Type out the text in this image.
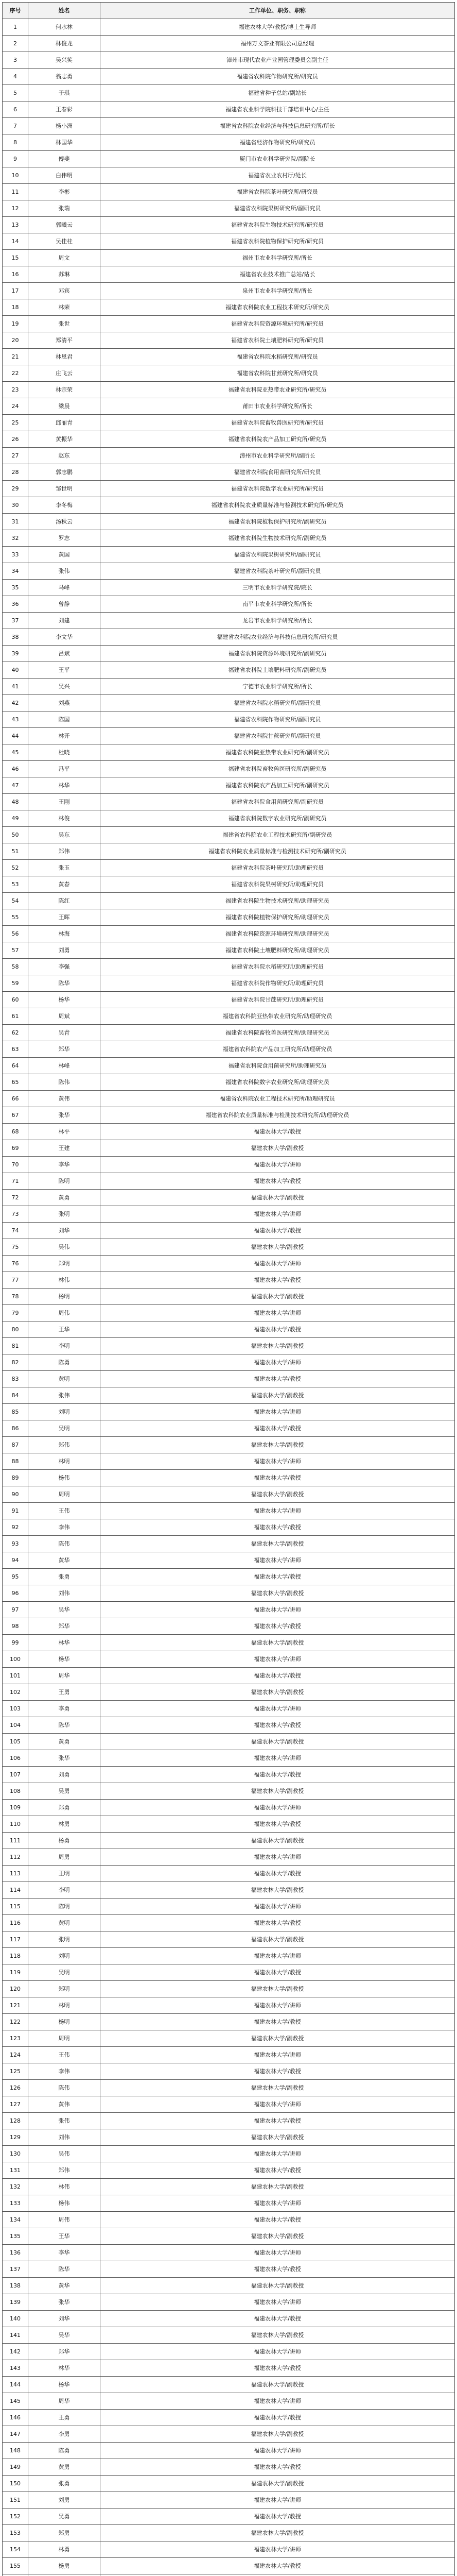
序号	姓名	工作单位、职务、职称
1	何水林	福建农林大学/教授/博士生导师
2	林俊龙	福州万文茶业有限公司总经理
3	吴兴笑	漳州市现代农业产业园管理委员会副主任
4	翁志勇	福建省农科院作物研究所/研究员
5	于琪	福建省种子总站/副站长
6	王春彩	福建省农业科学院科技干部培训中心/主任
7	杨小洲	福建省农科院农业经济与科技信息研究所/所长
8	林国华	福建省经济作物研究所/研究员
9	傅斐	厦门市农业科学研究院/副院长
10	白伟明	福建省农业农村厅/处长
11	李彬	福建省农科院茶叶研究所/研究员
12	张瑞	福建省农科院果树研究所/副研究员
13	郭曦云	福建省农科院生物技术研究所/研究员
14	吴佳桂	福建省农科院植物保护研究所/研究员
15	周文	福州市农业科学研究所/所长
16	苏琳	福建省农业技术推广总站/站长
17	邓宾	泉州市农业科学研究所/所长
18	林荣	福建省农科院农业工程技术研究所/研究员
19	张世	福建省农科院资源环境研究所/研究员
20	郑清平	福建省农科院土壤肥料研究所/研究员
21	林恩君	福建省农科院水稻研究所/研究员
22	庄飞云	福建省农科院甘蔗研究所/研究员
23	林宗荣	福建省农科院亚热带农业研究所/研究员
24	梁晨	莆田市农业科学研究所/所长
25	邱丽青	福建省农科院畜牧兽医研究所/研究员
26	黄振华	福建省农科院农产品加工研究所/研究员
27	赵东	漳州市农业科学研究所/副所长
28	郭志鹏	福建省农科院食用菌研究所/研究员
29	邹世明	福建省农科院数字农业研究所/研究员
30	李冬梅	福建省农科院农业质量标准与检测技术研究所/研究员
31	汤秋云	福建省农科院植物保护研究所/副研究员
32	罗志	福建省农科院生物技术研究所/副研究员
33	黄国	福建省农科院果树研究所/副研究员
34	张伟	福建省农科院茶叶研究所/副研究员
35	马峰	三明市农业科学研究院/院长
36	曾静	南平市农业科学研究所/所长
37	刘建	龙岩市农业科学研究所/所长
38	李文华	福建省农科院农业经济与科技信息研究所/研究员
39	吕斌	福建省农科院资源环境研究所/副研究员
40	王平	福建省农科院土壤肥料研究所/副研究员
41	吴兴	宁德市农业科学研究所/所长
42	刘燕	福建省农科院水稻研究所/副研究员
43	陈国	福建省农科院作物研究所/副研究员
44	林开	福建省农科院甘蔗研究所/副研究员
45	杜晓	福建省农科院亚热带农业研究所/副研究员
46	冯平	福建省农科院畜牧兽医研究所/副研究员
47	林华	福建省农科院农产品加工研究所/副研究员
48	王刚	福建省农科院食用菌研究所/副研究员
49	林俊	福建省农科院数字农业研究所/副研究员
50	吴东	福建省农科院农业工程技术研究所/副研究员
51	郑伟	福建省农科院农业质量标准与检测技术研究所/副研究员
52	张玉	福建省农科院茶叶研究所/助理研究员
53	黄春	福建省农科院果树研究所/助理研究员
54	陈红	福建省农科院生物技术研究所/助理研究员
55	王晖	福建省农科院植物保护研究所/助理研究员
56	林海	福建省农科院资源环境研究所/助理研究员
57	刘勇	福建省农科院土壤肥料研究所/助理研究员
58	李强	福建省农科院水稻研究所/助理研究员
59	陈华	福建省农科院作物研究所/助理研究员
60	杨华	福建省农科院甘蔗研究所/助理研究员
61	周斌	福建省农科院亚热带农业研究所/助理研究员
62	吴青	福建省农科院畜牧兽医研究所/助理研究员
63	郑华	福建省农科院农产品加工研究所/助理研究员
64	林峰	福建省农科院食用菌研究所/助理研究员
65	陈伟	福建省农科院数字农业研究所/助理研究员
66	黄伟	福建省农科院农业工程技术研究所/助理研究员
67	张华	福建省农科院农业质量标准与检测技术研究所/助理研究员
68	林平	福建农林大学/教授
69	王建	福建农林大学/副教授
70	李华	福建农林大学/讲师
71	陈明	福建农林大学/教授
72	黄勇	福建农林大学/副教授
73	张明	福建农林大学/讲师
74	刘华	福建农林大学/教授
75	吴伟	福建农林大学/副教授
76	郑明	福建农林大学/讲师
77	林伟	福建农林大学/教授
78	杨明	福建农林大学/副教授
79	周伟	福建农林大学/讲师
80	王华	福建农林大学/教授
81	李明	福建农林大学/副教授
82	陈勇	福建农林大学/讲师
83	黄明	福建农林大学/教授
84	张伟	福建农林大学/副教授
85	刘明	福建农林大学/讲师
86	吴明	福建农林大学/教授
87	郑伟	福建农林大学/副教授
88	林明	福建农林大学/讲师
89	杨伟	福建农林大学/教授
90	周明	福建农林大学/副教授
91	王伟	福建农林大学/讲师
92	李伟	福建农林大学/教授
93	陈伟	福建农林大学/副教授
94	黄华	福建农林大学/讲师
95	张勇	福建农林大学/教授
96	刘伟	福建农林大学/副教授
97	吴华	福建农林大学/讲师
98	郑华	福建农林大学/教授
99	林华	福建农林大学/副教授
100	杨华	福建农林大学/讲师
101	周华	福建农林大学/教授
102	王勇	福建农林大学/副教授
103	李勇	福建农林大学/讲师
104	陈华	福建农林大学/教授
105	黄勇	福建农林大学/副教授
106	张华	福建农林大学/讲师
107	刘勇	福建农林大学/教授
108	吴勇	福建农林大学/副教授
109	郑勇	福建农林大学/讲师
110	林勇	福建农林大学/教授
111	杨勇	福建农林大学/副教授
112	周勇	福建农林大学/讲师
113	王明	福建农林大学/教授
114	李明	福建农林大学/副教授
115	陈明	福建农林大学/讲师
116	黄明	福建农林大学/教授
117	张明	福建农林大学/副教授
118	刘明	福建农林大学/讲师
119	吴明	福建农林大学/教授
120	郑明	福建农林大学/副教授
121	林明	福建农林大学/讲师
122	杨明	福建农林大学/教授
123	周明	福建农林大学/副教授
124	王伟	福建农林大学/讲师
125	李伟	福建农林大学/教授
126	陈伟	福建农林大学/副教授
127	黄伟	福建农林大学/讲师
128	张伟	福建农林大学/教授
129	刘伟	福建农林大学/副教授
130	吴伟	福建农林大学/讲师
131	郑伟	福建农林大学/教授
132	林伟	福建农林大学/副教授
133	杨伟	福建农林大学/讲师
134	周伟	福建农林大学/教授
135	王华	福建农林大学/副教授
136	李华	福建农林大学/讲师
137	陈华	福建农林大学/教授
138	黄华	福建农林大学/副教授
139	张华	福建农林大学/讲师
140	刘华	福建农林大学/教授
141	吴华	福建农林大学/副教授
142	郑华	福建农林大学/讲师
143	林华	福建农林大学/教授
144	杨华	福建农林大学/副教授
145	周华	福建农林大学/讲师
146	王勇	福建农林大学/教授
147	李勇	福建农林大学/副教授
148	陈勇	福建农林大学/讲师
149	黄勇	福建农林大学/教授
150	张勇	福建农林大学/副教授
151	刘勇	福建农林大学/讲师
152	吴勇	福建农林大学/教授
153	郑勇	福建农林大学/副教授
154	林勇	福建农林大学/讲师
155	杨勇	福建农林大学/教授
